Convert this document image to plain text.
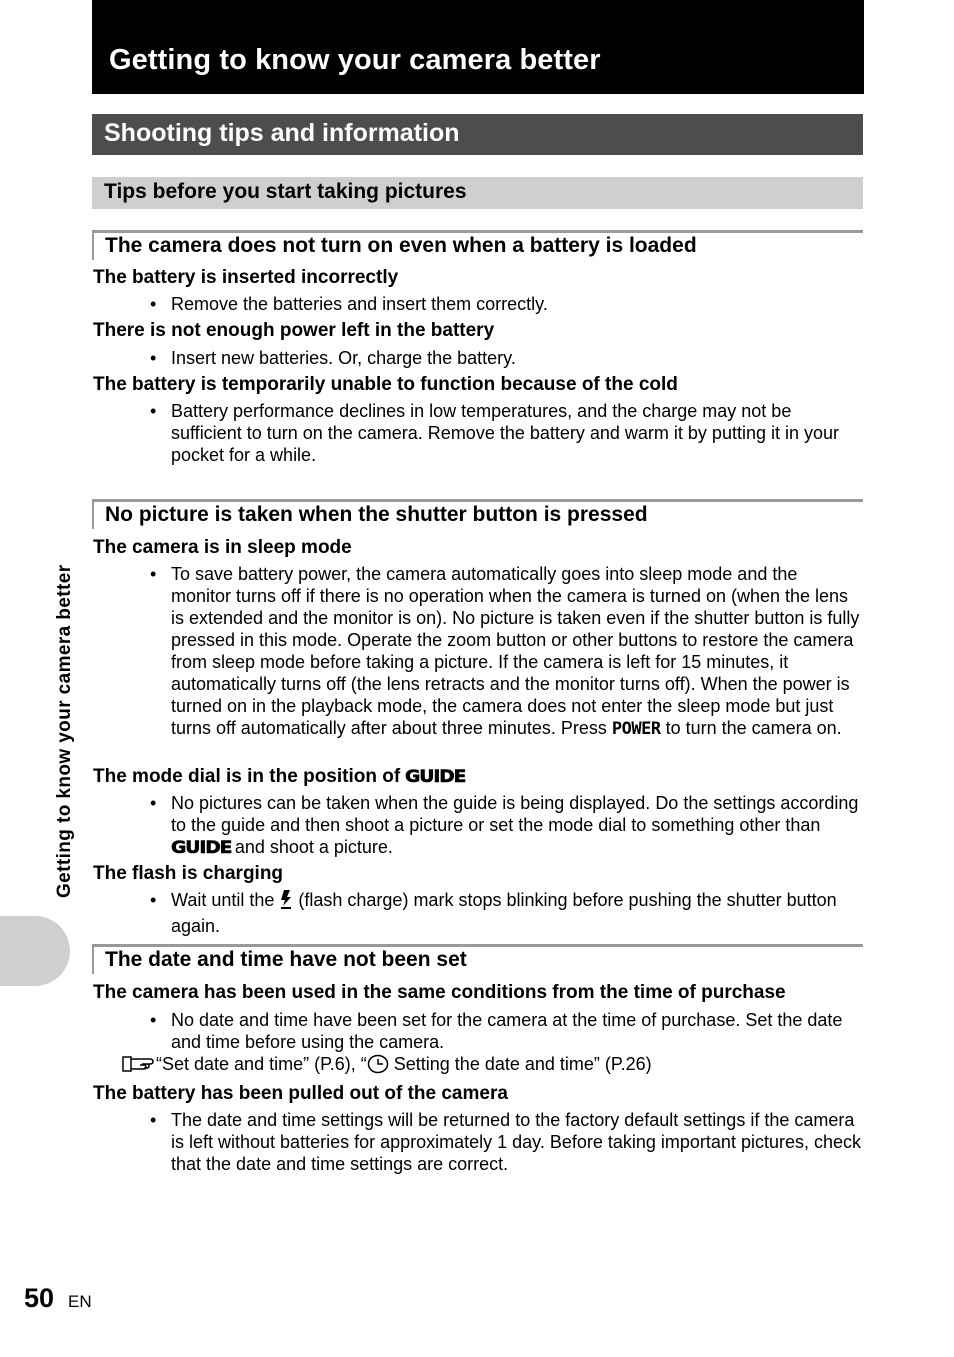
Getting to know your camera better
Shooting tips and information
Tips before you start taking pictures
The camera does not turn on even when a battery is loaded

The battery is inserted incorrectly

• Remove the batteries and insert them correctly.

There is not enough power left in the battery

• Insert new batteries. Or, charge the battery.

The battery is temporarily unable to function because of the cold

• Battery performance declines in low temperatures, and the charge may not be sufficient to turn on the camera. Remove the battery and warm it by putting it in your pocket for a while.

No picture is taken when the shutter button is pressed

The camera is in sleep mode

• To save battery power, the camera automatically goes into sleep mode and the monitor turns off if there is no operation when the camera is turned on (when the lens is extended and the monitor is on). No picture is taken even if the shutter button is fully pressed in this mode. Operate the zoom button or other buttons to restore the camera from sleep mode before taking a picture. If the camera is left for 15 minutes, it automatically turns off (the lens retracts and the monitor turns off). When the power is turned on in the playback mode, the camera does not enter the sleep mode but just turns off automatically after about three minutes. Press POWER to turn the camera on.

The mode dial is in the position of GUIDE

• No pictures can be taken when the guide is being displayed. Do the settings according to the guide and then shoot a picture or set the mode dial to something other than GUIDE and shoot a picture.

The flash is charging

• Wait until the  (flash charge) mark stops blinking before pushing the shutter button again.

The date and time have not been set

The camera has been used in the same conditions from the time of purchase

• No date and time have been set for the camera at the time of purchase. Set the date and time before using the camera.

“Set date and time” (P.6), “ Setting the date and time” (P.26)

The battery has been pulled out of the camera

• The date and time settings will be returned to the factory default settings if the camera is left without batteries for approximately 1 day. Before taking important pictures, check that the date and time settings are correct.

Getting to know your camera better
50 EN
